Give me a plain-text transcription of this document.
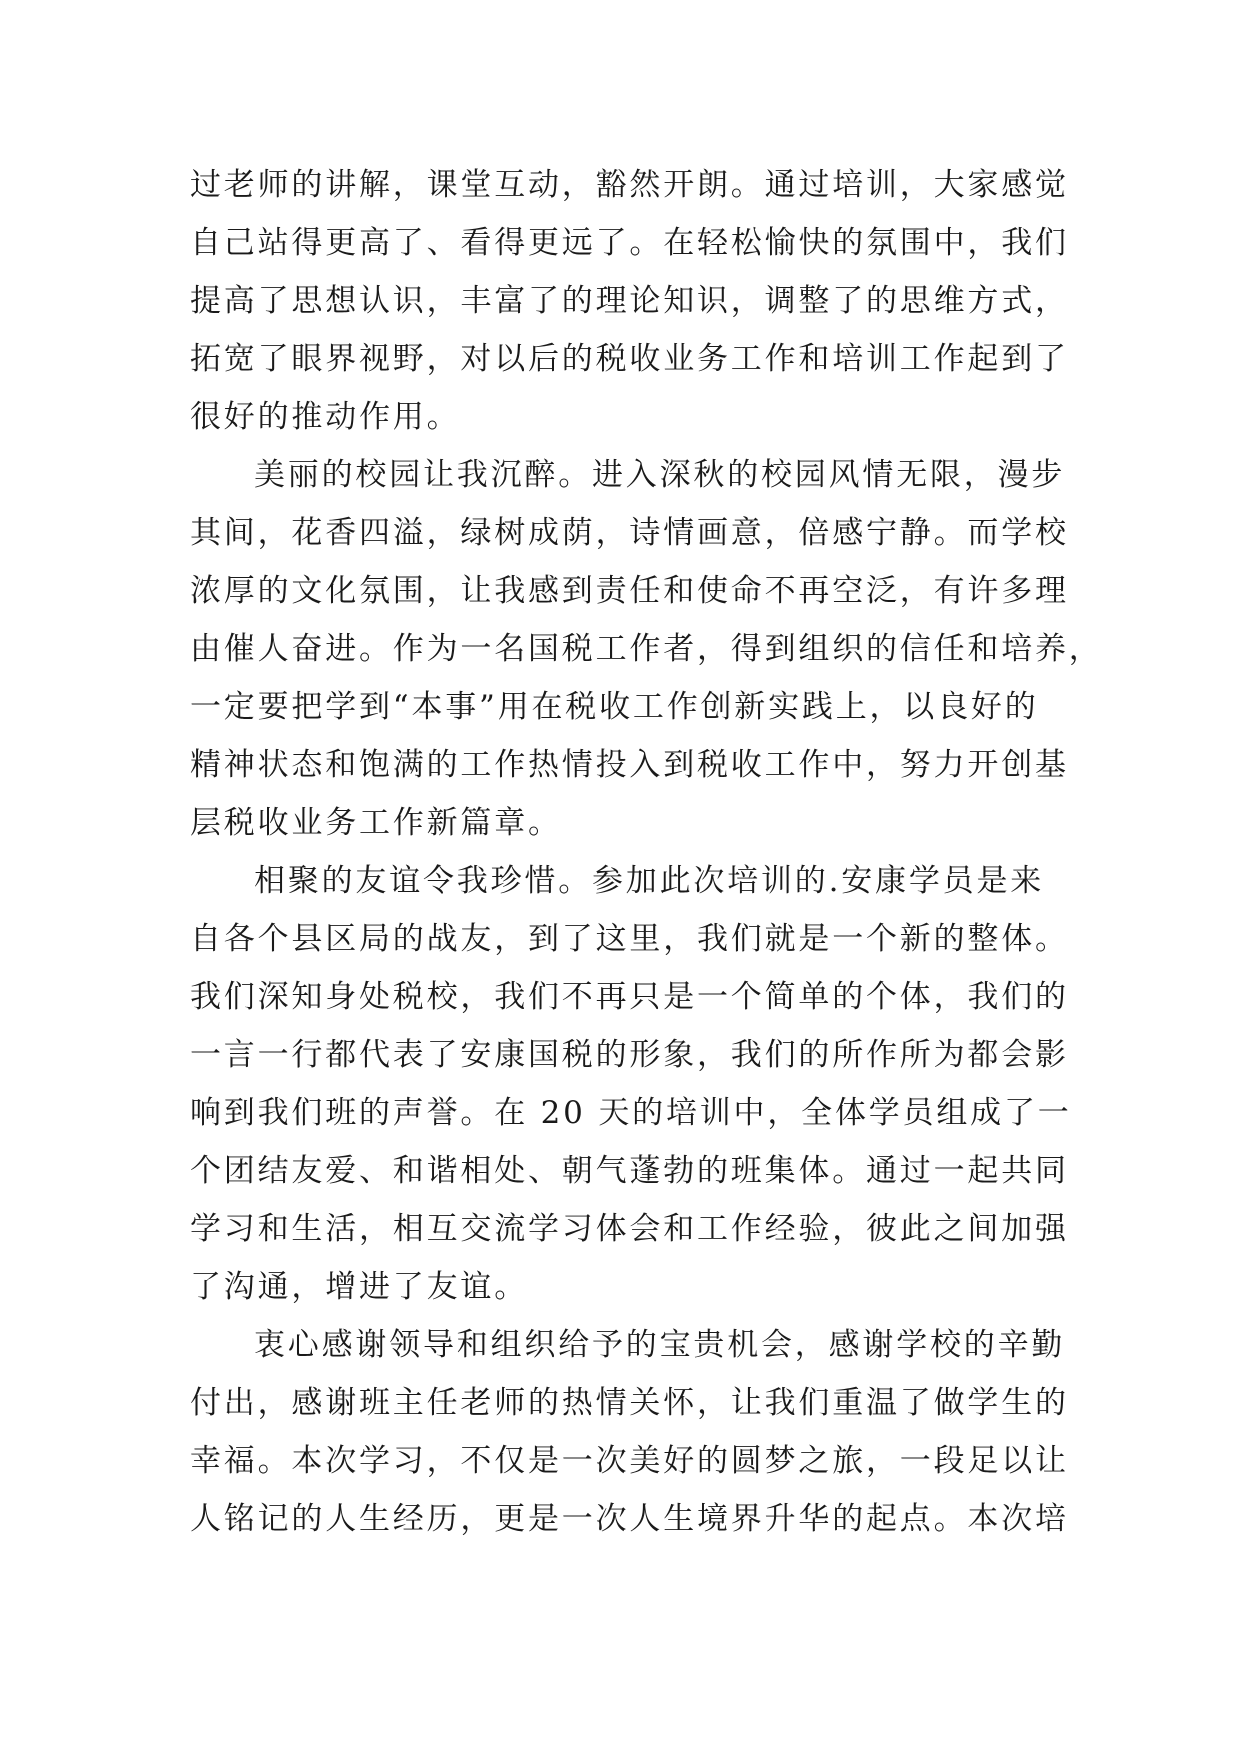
过老师的讲解，课堂互动，豁然开朗。通过培训，大家感觉
自己站得更高了、看得更远了。在轻松愉快的氛围中，我们
提高了思想认识，丰富了的理论知识，调整了的思维方式，
拓宽了眼界视野，对以后的税收业务工作和培训工作起到了
很好的推动作用。
美丽的校园让我沉醉。进入深秋的校园风情无限，漫步
其间，花香四溢，绿树成荫，诗情画意，倍感宁静。而学校
浓厚的文化氛围，让我感到责任和使命不再空泛，有许多理
由催人奋进。作为一名国税工作者，得到组织的信任和培养，
一定要把学到“本事”用在税收工作创新实践上，以良好的
精神状态和饱满的工作热情投入到税收工作中，努力开创基
层税收业务工作新篇章。
相聚的友谊令我珍惜。参加此次培训的.安康学员是来
自各个县区局的战友，到了这里，我们就是一个新的整体。
我们深知身处税校，我们不再只是一个简单的个体，我们的
一言一行都代表了安康国税的形象，我们的所作所为都会影
响到我们班的声誉。在 20 天的培训中，全体学员组成了一
个团结友爱、和谐相处、朝气蓬勃的班集体。通过一起共同
学习和生活，相互交流学习体会和工作经验，彼此之间加强
了沟通，增进了友谊。
衷心感谢领导和组织给予的宝贵机会，感谢学校的辛勤
付出，感谢班主任老师的热情关怀，让我们重温了做学生的
幸福。本次学习，不仅是一次美好的圆梦之旅，一段足以让
人铭记的人生经历，更是一次人生境界升华的起点。本次培
